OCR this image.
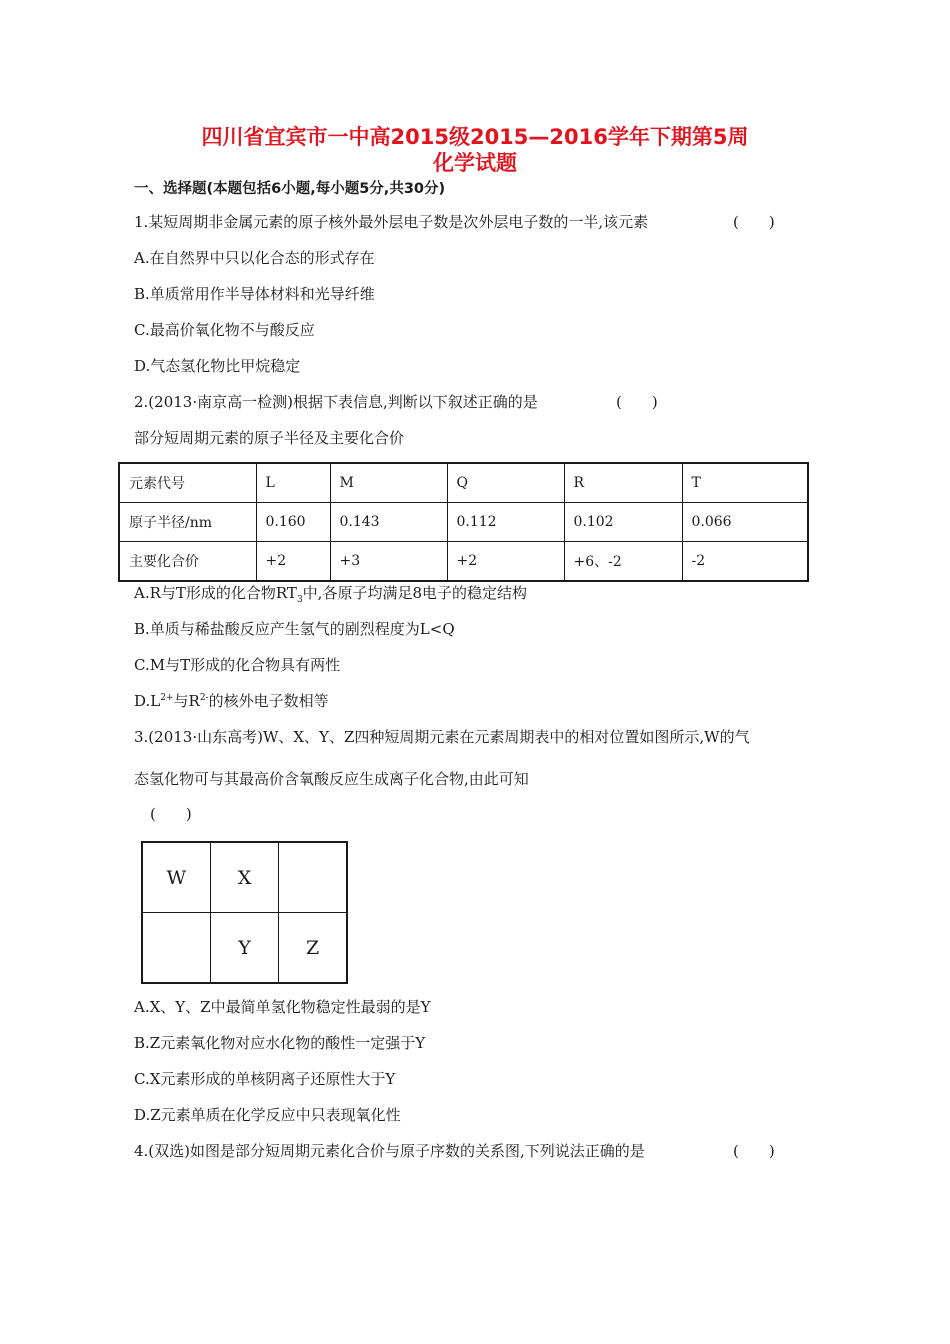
四川省宜宾市一中高2015级2015—2016学年下期第5周
化学试题
一、选择题(本题包括6小题,每小题5分,共30分)
1.某短周期非金属元素的原子核外最外层电子数是次外层电子数的一半,该元素	(　　)
A.在自然界中只以化合态的形式存在
B.单质常用作半导体材料和光导纤维
C.最高价氧化物不与酸反应
D.气态氢化物比甲烷稳定
2.(2013·南京高一检测)根据下表信息,判断以下叙述正确的是	(　　)
部分短周期元素的原子半径及主要化合价
元素代号	L	M	Q	R	T
原子半径/nm	0.160	0.143	0.112	0.102	0.066
主要化合价	+2	+3	+2	+6、-2	-2
A.R与T形成的化合物$RT_3$中,各原子均满足8电子的稳定结构
B.单质与稀盐酸反应产生氢气的剧烈程度为L<Q
C.M与T形成的化合物具有两性
$D.L^{2+}$与$R^{2-}$的核外电子数相等
3.(2013·山东高考)W、X、Y、Z四种短周期元素在元素周期表中的相对位置如图所示,W的气
态氢化物可与其最高价含氧酸反应生成离子化合物,由此可知
(　　)
W	X	
	Y	Z
A.X、Y、Z中最简单氢化物稳定性最弱的是Y
B.Z元素氧化物对应水化物的酸性一定强于Y
C.X元素形成的单核阴离子还原性大于Y
D.Z元素单质在化学反应中只表现氧化性
4.(双选)如图是部分短周期元素化合价与原子序数的关系图,下列说法正确的是	(　　)
